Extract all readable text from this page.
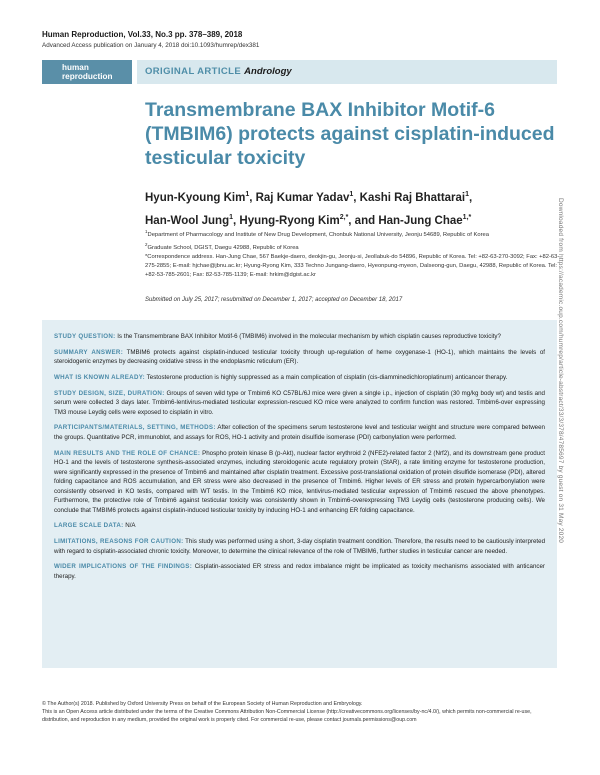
Human Reproduction, Vol.33, No.3 pp. 378–389, 2018
Advanced Access publication on January 4, 2018 doi:10.1093/humrep/dex381
human
reproduction	ORIGINAL ARTICLE Andrology
Transmembrane BAX Inhibitor Motif-6 (TMBIM6) protects against cisplatin-induced testicular toxicity
Hyun-Kyoung Kim$^1$, Raj Kumar Yadav$^1$, Kashi Raj Bhattarai$^1$,
Han-Wool Jung$^1$, Hyung-Ryong Kim$^{2,*}$, and Han-Jung Chae$^{1,*}$
$^1$Department of Pharmacology and Institute of New Drug Development, Chonbuk National University, Jeonju 54689, Republic of Korea
$^2$Graduate School, DGIST, Daegu 42988, Republic of Korea
*Correspondence address. Han-Jung Chae, 567 Baekje-daero, deokjin-gu, Jeonju-si, Jeollabuk-do 54896, Republic of Korea. Tel: +82-63-270-3092; Fax: +82-63-275-2855; E-mail: hjchae@jbnu.ac.kr; Hyung-Ryong Kim, 333 Techno Jungang-daero, Hyeonpung-myeon, Dalseong-gun, Daegu, 42988, Republic of Korea. Tel: +82-53-785-2601; Fax: 82-53-785-1139; E-mail: hrkim@dgist.ac.kr
Submitted on July 25, 2017; resubmitted on December 1, 2017; accepted on December 18, 2017

STUDY QUESTION: Is the Transmembrane BAX Inhibitor Motif-6 (TMBIM6) involved in the molecular mechanism by which cisplatin causes reproductive toxicity?

SUMMARY ANSWER: TMBIM6 protects against cisplatin-induced testicular toxicity through up-regulation of heme oxygenase-1 (HO-1), which maintains the levels of steroidogenic enzymes by decreasing oxidative stress in the endoplasmic reticulum (ER).

WHAT IS KNOWN ALREADY: Testosterone production is highly suppressed as a main complication of cisplatin (cis-diamminedichloroplatinum) anticancer therapy.

STUDY DESIGN, SIZE, DURATION: Groups of seven wild type or Tmbim6 KO C57BL/6J mice were given a single i.p., injection of cisplatin (30 mg/kg body wt) and testis and serum were collected 3 days later. Tmbim6-lentivirus-mediated testicular expression-rescued KO mice were analyzed to confirm function was restored. Tmbim6-over expressing TM3 mouse Leydig cells were exposed to cisplatin in vitro.

PARTICIPANTS/MATERIALS, SETTING, METHODS: After collection of the specimens serum testosterone level and testicular weight and structure were compared between the groups. Quantitative PCR, immunoblot, and assays for ROS, HO-1 activity and protein disulfide isomerase (PDI) carbonylation were performed.

MAIN RESULTS AND THE ROLE OF CHANCE: Phospho protein kinase B (p-Akt), nuclear factor erythroid 2 (NFE2)-related factor 2 (Nrf2), and its downstream gene product HO-1 and the levels of testosterone synthesis-associated enzymes, including steroidogenic acute regulatory protein (StAR), a rate limiting enzyme for testosterone production, were significantly expressed in the presence of Tmbim6 and maintained after cisplatin treatment. Excessive post-translational oxidation of protein disulfide isomerase (PDI), altered folding capacitance and ROS accumulation, and ER stress were also decreased in the presence of Tmbim6. Higher levels of ER stress and protein hypercarbonylation were consistently observed in KO testis, compared with WT testis. In the Tmbim6 KO mice, lentivirus-mediated testicular expression of Tmbim6 rescued the above phenotypes. Furthermore, the protective role of Tmbim6 against testicular toxicity was consistently shown in Tmbim6-overexpressing TM3 Leydig cells (testosterone producing cells). We conclude that TMBIM6 protects against cisplatin-induced testicular toxicity by inducing HO-1 and enhancing ER folding capacitance.

LARGE SCALE DATA: N/A

LIMITATIONS, REASONS FOR CAUTION: This study was performed using a short, 3-day cisplatin treatment condition. Therefore, the results need to be cautiously interpreted with regard to cisplatin-associated chronic toxicity. Moreover, to determine the clinical relevance of the role of TMBIM6, further studies in testicular cancer are needed.

WIDER IMPLICATIONS OF THE FINDINGS: Cisplatin-associated ER stress and redox imbalance might be implicated as toxicity mechanisms associated with anticancer therapy.

© The Author(s) 2018. Published by Oxford University Press on behalf of the European Society of Human Reproduction and Embryology.

This is an Open Access article distributed under the terms of the Creative Commons Attribution Non-Commercial License (http://creativecommons.org/licenses/by-nc/4.0/), which permits non-commercial re-use, distribution, and reproduction in any medium, provided the original work is properly cited. For commercial re-use, please contact journals.permissions@oup.com

Downloaded from https://academic.oup.com/humrep/article-abstract/33/3/378/4785697 by guest on 31 May 2020
